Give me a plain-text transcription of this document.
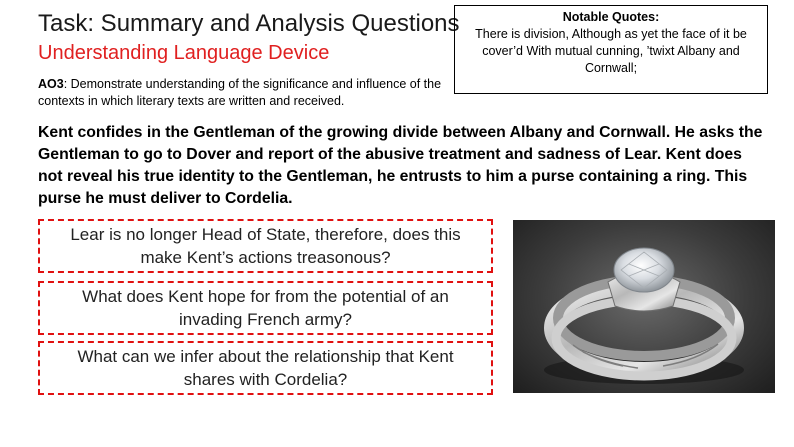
Task: Summary and Analysis Questions
Understanding Language Device
AO3: Demonstrate understanding of the significance and influence of the contexts in which literary texts are written and received.
Notable Quotes:
There is division, Although as yet the face of it be cover’d With mutual cunning, ’twixt Albany and Cornwall;
Kent confides in the Gentleman of the growing divide between Albany and Cornwall. He asks the Gentleman to go to Dover and report of the abusive treatment and sadness of Lear. Kent does not reveal his true identity to the Gentleman, he entrusts to him a purse containing a ring. This purse he must deliver to Cordelia.
Lear is no longer Head of State, therefore, does this make Kent’s actions treasonous?
What does Kent hope for from the potential of an invading French army?
What can we infer about the relationship that Kent shares with Cordelia?
